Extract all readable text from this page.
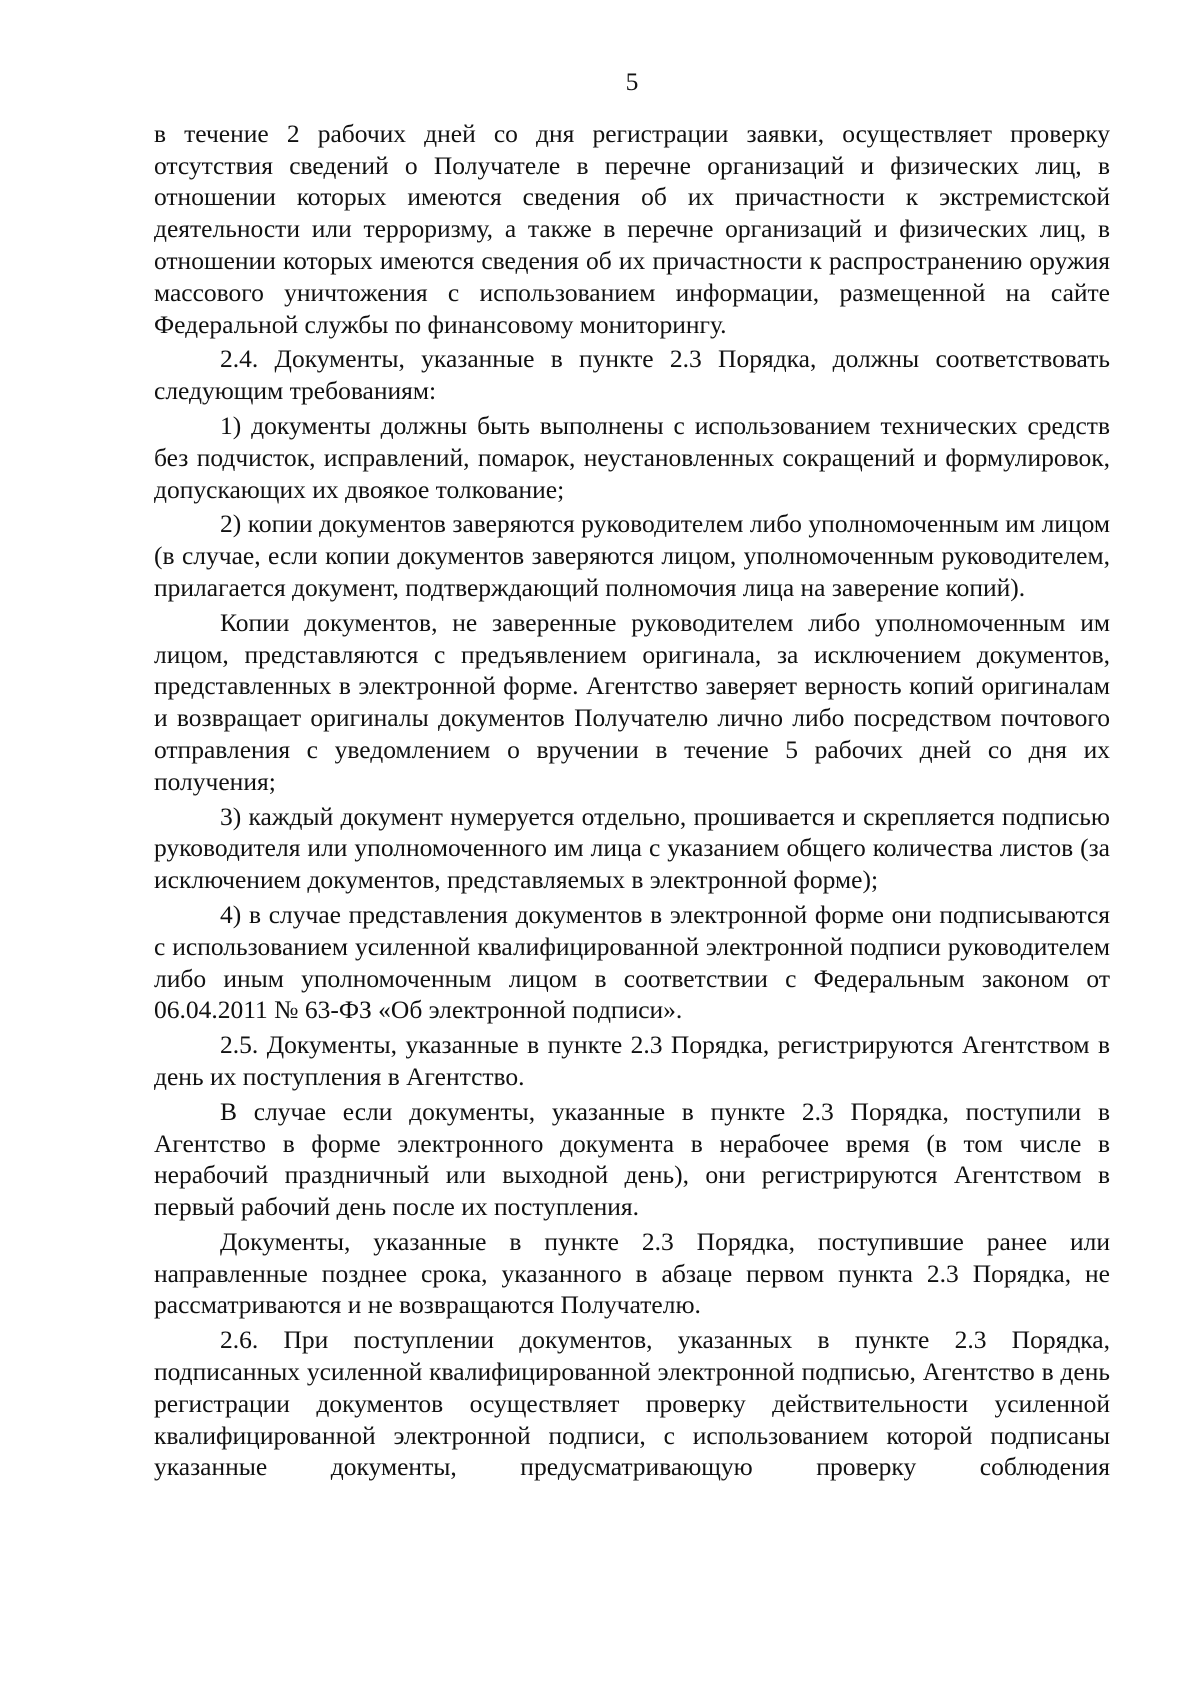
5

в течение 2 рабочих дней со дня регистрации заявки, осуществляет проверку отсутствия сведений о Получателе в перечне организаций и физических лиц, в отношении которых имеются сведения об их причастности к экстремистской деятельности или терроризму, а также в перечне организаций и физических лиц, в отношении которых имеются сведения об их причастности к распространению оружия массового уничтожения с использованием информации, размещенной на сайте Федеральной службы по финансовому мониторингу.

2.4. Документы, указанные в пункте 2.3 Порядка, должны соответствовать следующим требованиям:

1) документы должны быть выполнены с использованием технических средств без подчисток, исправлений, помарок, неустановленных сокращений и формулировок, допускающих их двоякое толкование;

2) копии документов заверяются руководителем либо уполномоченным им лицом (в случае, если копии документов заверяются лицом, уполномоченным руководителем, прилагается документ, подтверждающий полномочия лица на заверение копий).

Копии документов, не заверенные руководителем либо уполномоченным им лицом, представляются с предъявлением оригинала, за исключением документов, представленных в электронной форме. Агентство заверяет верность копий оригиналам и возвращает оригиналы документов Получателю лично либо посредством почтового отправления с уведомлением о вручении в течение 5 рабочих дней со дня их получения;

3) каждый документ нумеруется отдельно, прошивается и скрепляется подписью руководителя или уполномоченного им лица с указанием общего количества листов (за исключением документов, представляемых в электронной форме);

4) в случае представления документов в электронной форме они подписываются с использованием усиленной квалифицированной электронной подписи руководителем либо иным уполномоченным лицом в соответствии с Федеральным законом от 06.04.2011 № 63-ФЗ «Об электронной подписи».

2.5. Документы, указанные в пункте 2.3 Порядка, регистрируются Агентством в день их поступления в Агентство.

В случае если документы, указанные в пункте 2.3 Порядка, поступили в Агентство в форме электронного документа в нерабочее время (в том числе в нерабочий праздничный или выходной день), они регистрируются Агентством в первый рабочий день после их поступления.

Документы, указанные в пункте 2.3 Порядка, поступившие ранее или направленные позднее срока, указанного в абзаце первом пункта 2.3 Порядка, не рассматриваются и не возвращаются Получателю.

2.6. При поступлении документов, указанных в пункте 2.3 Порядка, подписанных усиленной квалифицированной электронной подписью, Агентство в день регистрации документов осуществляет проверку действительности усиленной квалифицированной электронной подписи, с использованием которой подписаны указанные документы, предусматривающую проверку соблюдения
